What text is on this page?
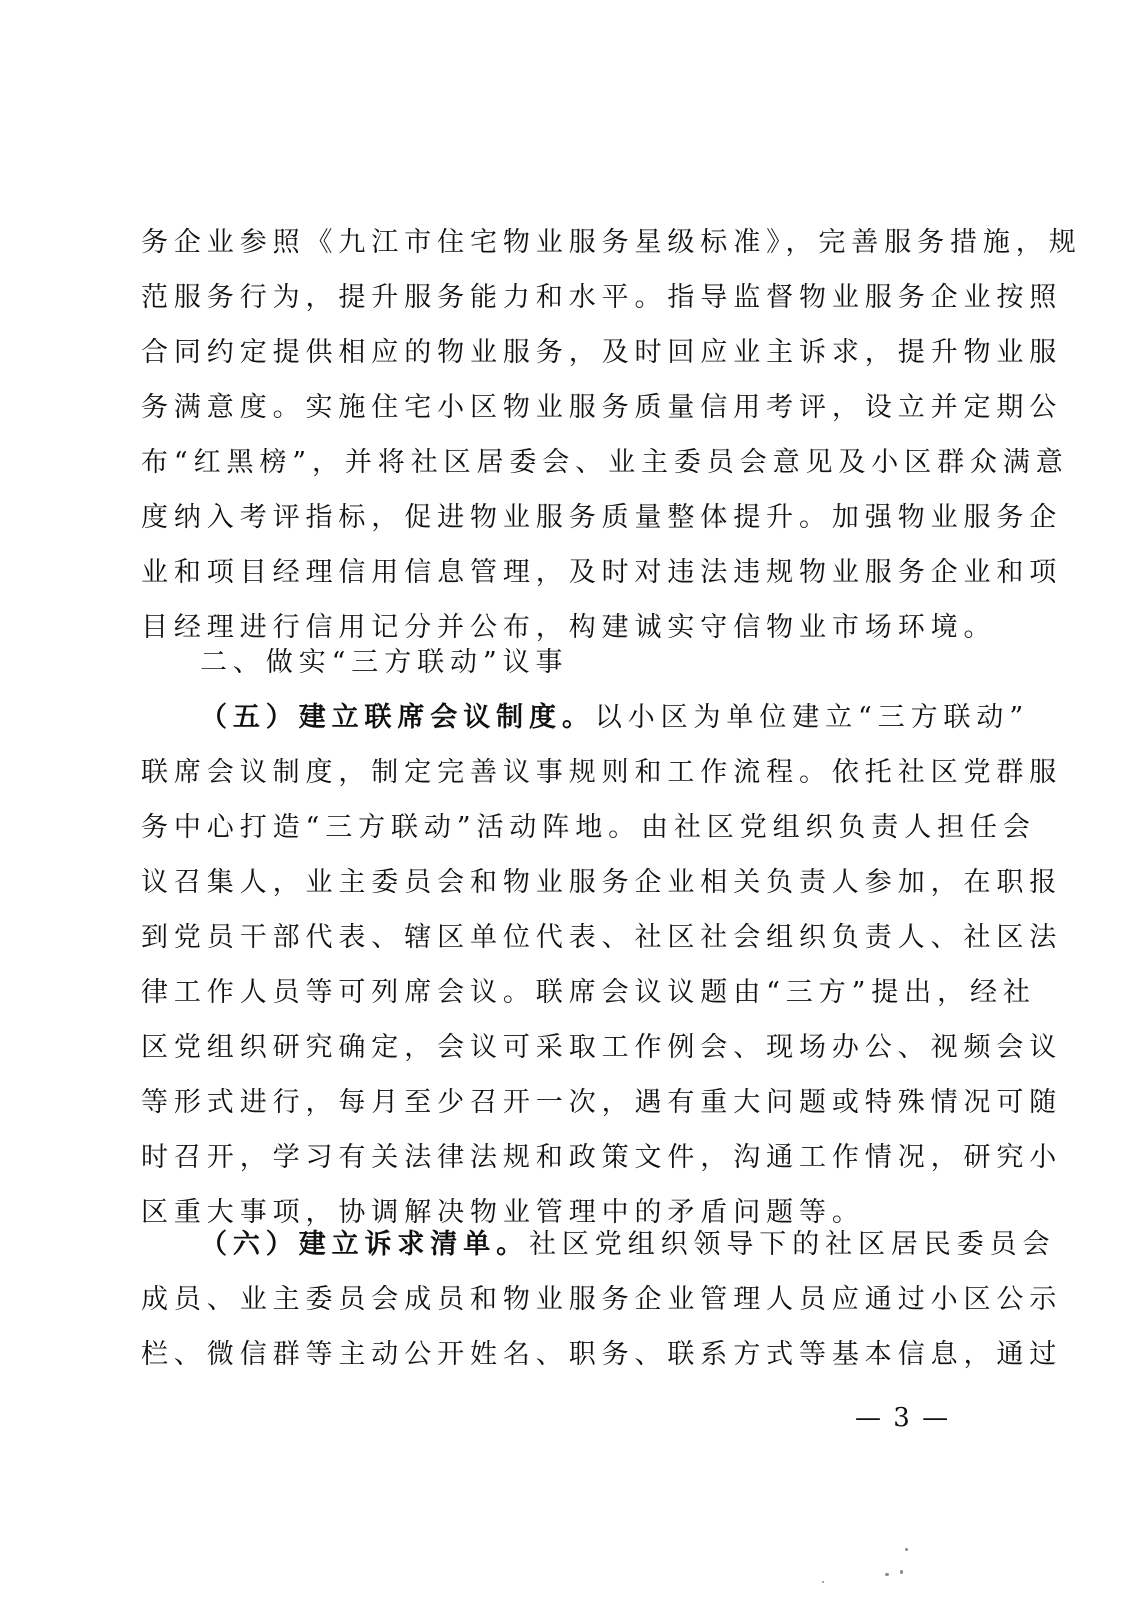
务企业参照《九江市住宅物业服务星级标准》，完善服务措施，规
范服务行为，提升服务能力和水平。指导监督物业服务企业按照
合同约定提供相应的物业服务，及时回应业主诉求，提升物业服
务满意度。实施住宅小区物业服务质量信用考评，设立并定期公
布“红黑榜”，并将社区居委会、业主委员会意见及小区群众满意
度纳入考评指标，促进物业服务质量整体提升。加强物业服务企
业和项目经理信用信息管理，及时对违法违规物业服务企业和项
目经理进行信用记分并公布，构建诚实守信物业市场环境。
二、做实“三方联动”议事
（五）建立联席会议制度。以小区为单位建立“三方联动”
联席会议制度，制定完善议事规则和工作流程。依托社区党群服
务中心打造“三方联动”活动阵地。由社区党组织负责人担任会
议召集人，业主委员会和物业服务企业相关负责人参加，在职报
到党员干部代表、辖区单位代表、社区社会组织负责人、社区法
律工作人员等可列席会议。联席会议议题由“三方”提出，经社
区党组织研究确定，会议可采取工作例会、现场办公、视频会议
等形式进行，每月至少召开一次，遇有重大问题或特殊情况可随
时召开，学习有关法律法规和政策文件，沟通工作情况，研究小
区重大事项，协调解决物业管理中的矛盾问题等。
（六）建立诉求清单。社区党组织领导下的社区居民委员会
成员、业主委员会成员和物业服务企业管理人员应通过小区公示
栏、微信群等主动公开姓名、职务、联系方式等基本信息，通过
— 3 —
